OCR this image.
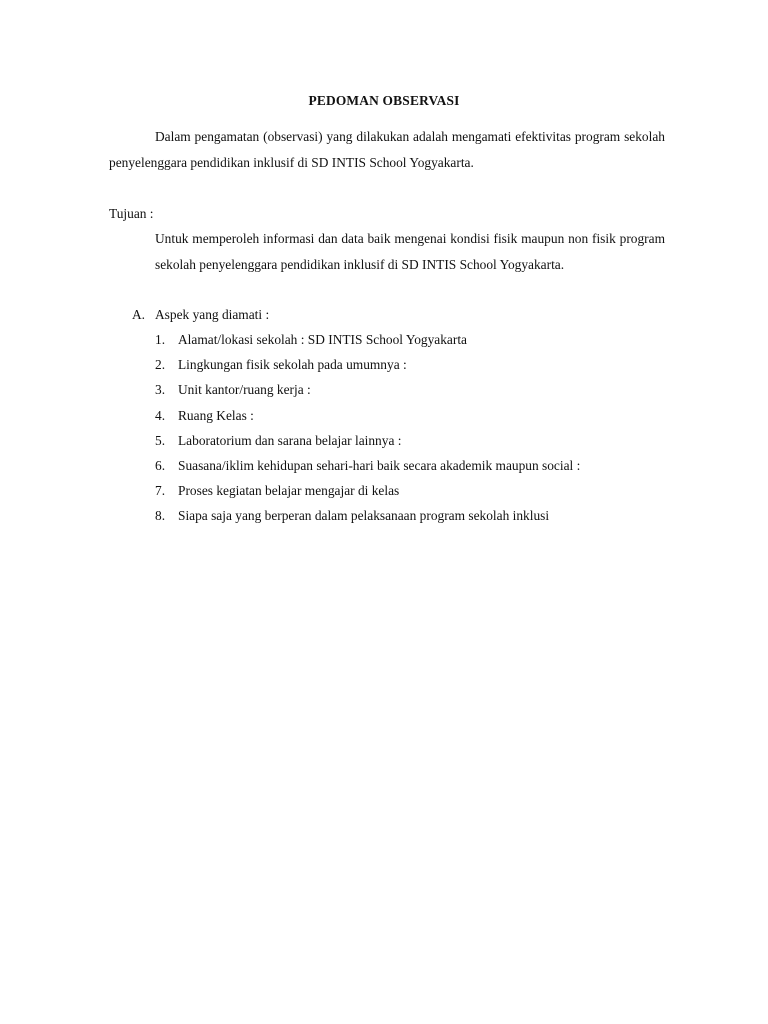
PEDOMAN OBSERVASI

Dalam pengamatan (observasi) yang dilakukan adalah mengamati efektivitas program sekolah penyelenggara pendidikan inklusif di SD INTIS School Yogyakarta.

Tujuan :

Untuk memperoleh informasi dan data baik mengenai kondisi fisik maupun non fisik program sekolah penyelenggara pendidikan inklusif di SD INTIS School Yogyakarta.

A. Aspek yang diamati :

1. Alamat/lokasi sekolah : SD INTIS School Yogyakarta
2. Lingkungan fisik sekolah pada umumnya :
3. Unit kantor/ruang kerja :
4. Ruang Kelas :
5. Laboratorium dan sarana belajar lainnya :
6. Suasana/iklim kehidupan sehari-hari baik secara akademik maupun social :
7. Proses kegiatan belajar mengajar di kelas
8. Siapa saja yang berperan dalam pelaksanaan program sekolah inklusi
